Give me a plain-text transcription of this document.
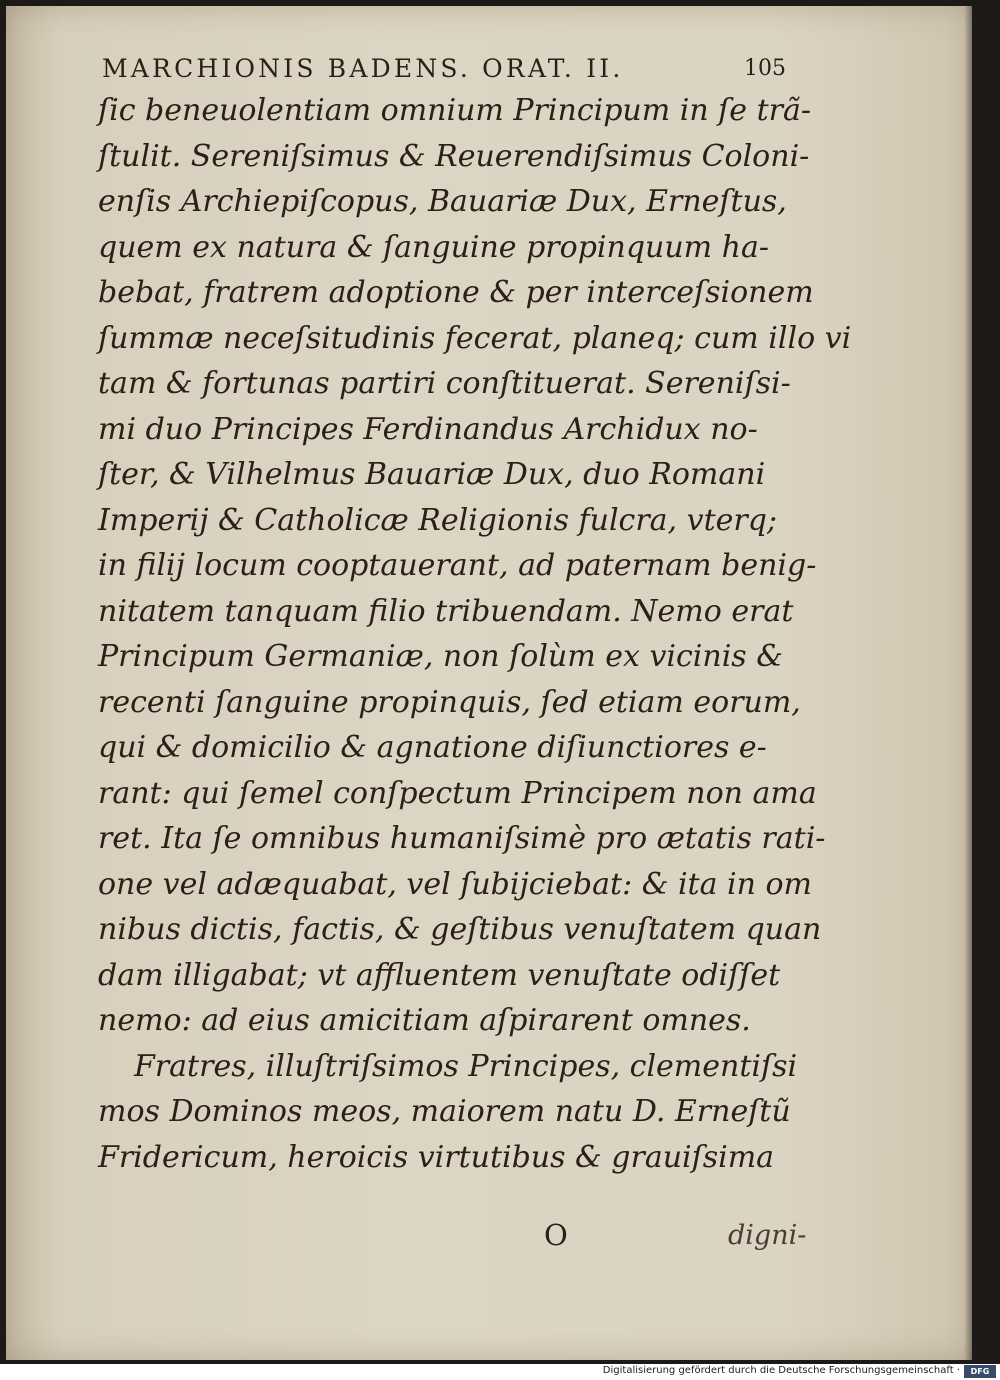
MARCHIONIS BADENS. ORAT. II.	105
ſic beneuolentiam omnium Principum in ſe trã-
ſtulit. Sereniſsimus & Reuerendiſsimus Coloni-
enſis Archiepiſcopus, Bauariæ Dux, Erneſtus,
quem ex natura & ſanguine propinquum ha-
bebat, fratrem adoptione & per interceſsionem
ſummæ neceſsitudinis fecerat, planeq; cum illo vi
tam & fortunas partiri conſtituerat. Sereniſsi-
mi duo Principes Ferdinandus Archidux no-
ſter, & Vilhelmus Bauariæ Dux, duo Romani
Imperij & Catholicæ Religionis fulcra, vterq;
in filij locum cooptauerant, ad paternam benig-
nitatem tanquam filio tribuendam. Nemo erat
Principum Germaniæ, non ſolùm ex vicinis &
recenti ſanguine propinquis, ſed etiam eorum,
qui & domicilio & agnatione diſiunctiores e-
rant: qui ſemel conſpectum Principem non ama
ret. Ita ſe omnibus humaniſsimè pro ætatis rati-
one vel adæquabat, vel ſubijciebat: & ita in om
nibus dictis, factis, & geſtibus venuſtatem quan
dam illigabat; vt affluentem venuſtate odiſſet
nemo: ad eius amicitiam aſpirarent omnes.
Fratres, illuſtriſsimos Principes, clementiſsi
mos Dominos meos, maiorem natu D. Erneſtũ
Fridericum, heroicis virtutibus & grauiſsima
O	digni-
Digitalisierung gefördert durch die Deutsche Forschungsgemeinschaft ·	DFG
